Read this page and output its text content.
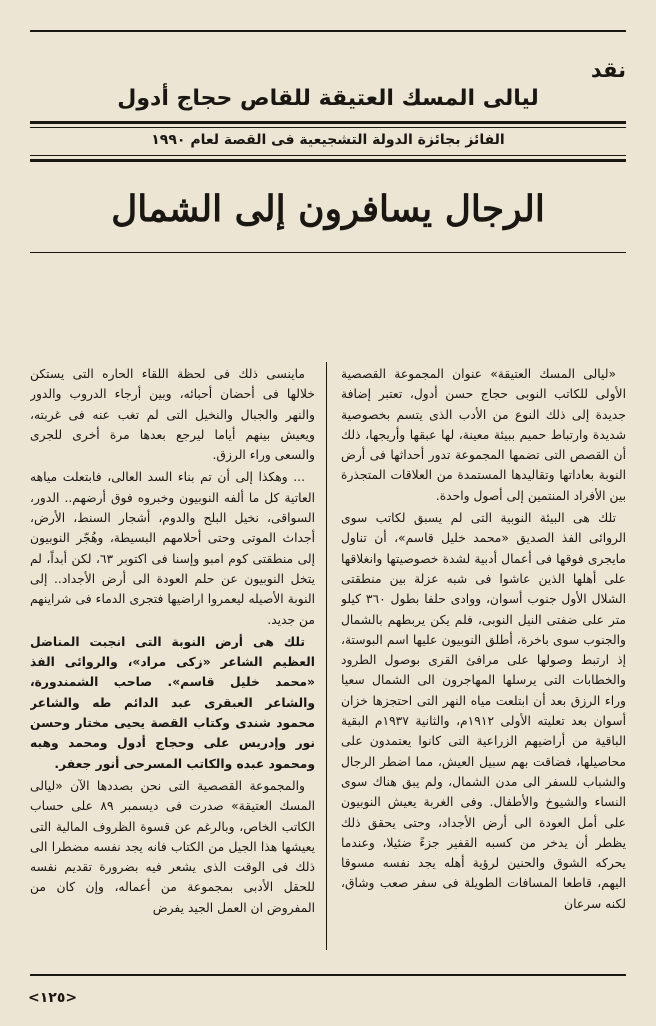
نقد
ليالى المسك العتيقة للقاص حجاج أدول

الفائز بجائزة الدولة التشجيعية فى القصة لعام ١٩٩٠

الرجال يسافرون إلى الشمال

«ليالى المسك العتيقة» عنوان المجموعة القصصية الأولى للكاتب النوبى حجاج حسن أدول، تعتبر إضافة جديدة إلى ذلك النوع من الأدب الذى يتسم بخصوصية شديدة وارتباط حميم ببيئة معينة، لها عبقها وأريجها، ذلك أن القصص التى تضمها المجموعة تدور أحداثها فى أرض النوبة بعاداتها وتقاليدها المستمدة من العلاقات المتجذرة بين الأفراد المنتمين إلى أصول واحدة.

تلك هى البيئة النوبية التى لم يسبق لكاتب سوى الروائى الفذ الصديق «محمد خليل قاسم»، أن تناول مايجرى فوقها فى أعمال أدبية لشدة خصوصيتها وانغلاقها على أهلها الذين عاشوا فى شبه عزلة بين منطقتى الشلال الأول جنوب أسوان، ووادى حلفا بطول ٣٦٠ كيلو متر على ضفتى النيل النوبى، فلم يكن يربطهم بالشمال والجنوب سوى باخرة، أطلق النوبيون عليها اسم البوستة، إذ ارتبط وصولها على مرافئ القرى بوصول الطرود والخطابات التى يرسلها المهاجرون الى الشمال سعيا وراء الرزق بعد أن ابتلعت مياه النهر التى احتجزها خزان أسوان بعد تعليته الأولى ١٩١٢م، والثانية ١٩٣٧م البقية الباقية من أراضيهم الزراعية التى كانوا يعتمدون على محاصيلها، فضاقت بهم سبيل العيش، مما اضطر الرجال والشباب للسفر الى مدن الشمال، ولم يبق هناك سوى النساء والشيوخ والأطفال. وفى الغربة يعيش النوبيون على أمل العودة الى أرض الأجداد، وحتى يحقق ذلك يظطر أن يدخر من كسبه القفير جزءً ضئيلا، وعندما يحركه الشوق والحنين لرؤية أهله يجد نفسه مسوقا اليهم، قاطعا المسافات الطويلة فى سفر صعب وشاق، لكنه سرعان

ماينسى ذلك فى لحظة اللقاء الحاره التى يستكن خلالها فى أحضان أحبائه، وبين أرجاء الدروب والدور والنهر والجبال والنخيل التى لم تغب عنه فى غربته، ويعيش بينهم أياما ليرجع بعدها مرة أخرى للجرى والسعى وراء الرزق.

... وهكذا إلى أن تم بناء السد العالى، فابتعلت مياهه العاتية كل ما ألفه النوبيون وخبروه فوق أرضهم.. الدور، السواقى، نخيل البلح والدوم، أشجار السنط، الأرض، أجداث الموتى وحتى أحلامهم البسيطة، وهُجّر النوبيون إلى منطقتى كوم امبو وإسنا فى اكتوبر ٦٣، لكن أبداً، لم يتخل النوبيون عن حلم العودة الى أرض الأجداد.. إلى النوبة الأصيله ليعمروا اراضيها فتجرى الدماء فى شراينهم من جديد.

تلك هى أرض النوبة التى انجبت المناضل العظيم الشاعر «زكى مراد»، والروائى الفذ «محمد خليل قاسم». صاحب الشمندورة، والشاعر العبقرى عبد الدائم طه والشاعر محمود شندى وكتاب القصة يحيى مختار وحسن نور وإدريس على وحجاج أدول ومحمد وهبه ومحمود عبده والكاتب المسرحى أنور جعفر.

والمجموعة القصصية التى نحن بصددها الآن «ليالى المسك العتيقة» صدرت فى ديسمبر ٨٩ على حساب الكاتب الخاص، وبالرغم عن قسوة الظروف المالية التى يعيشها هذا الجيل من الكتاب فانه يجد نفسه مضطرا الى ذلك فى الوقت الذى يشعر فيه بضرورة تقديم نفسه للحقل الأدبى بمجموعة من أعماله، وإن كان من المفروض ان العمل الجيد يفرض

<١٢٥>
